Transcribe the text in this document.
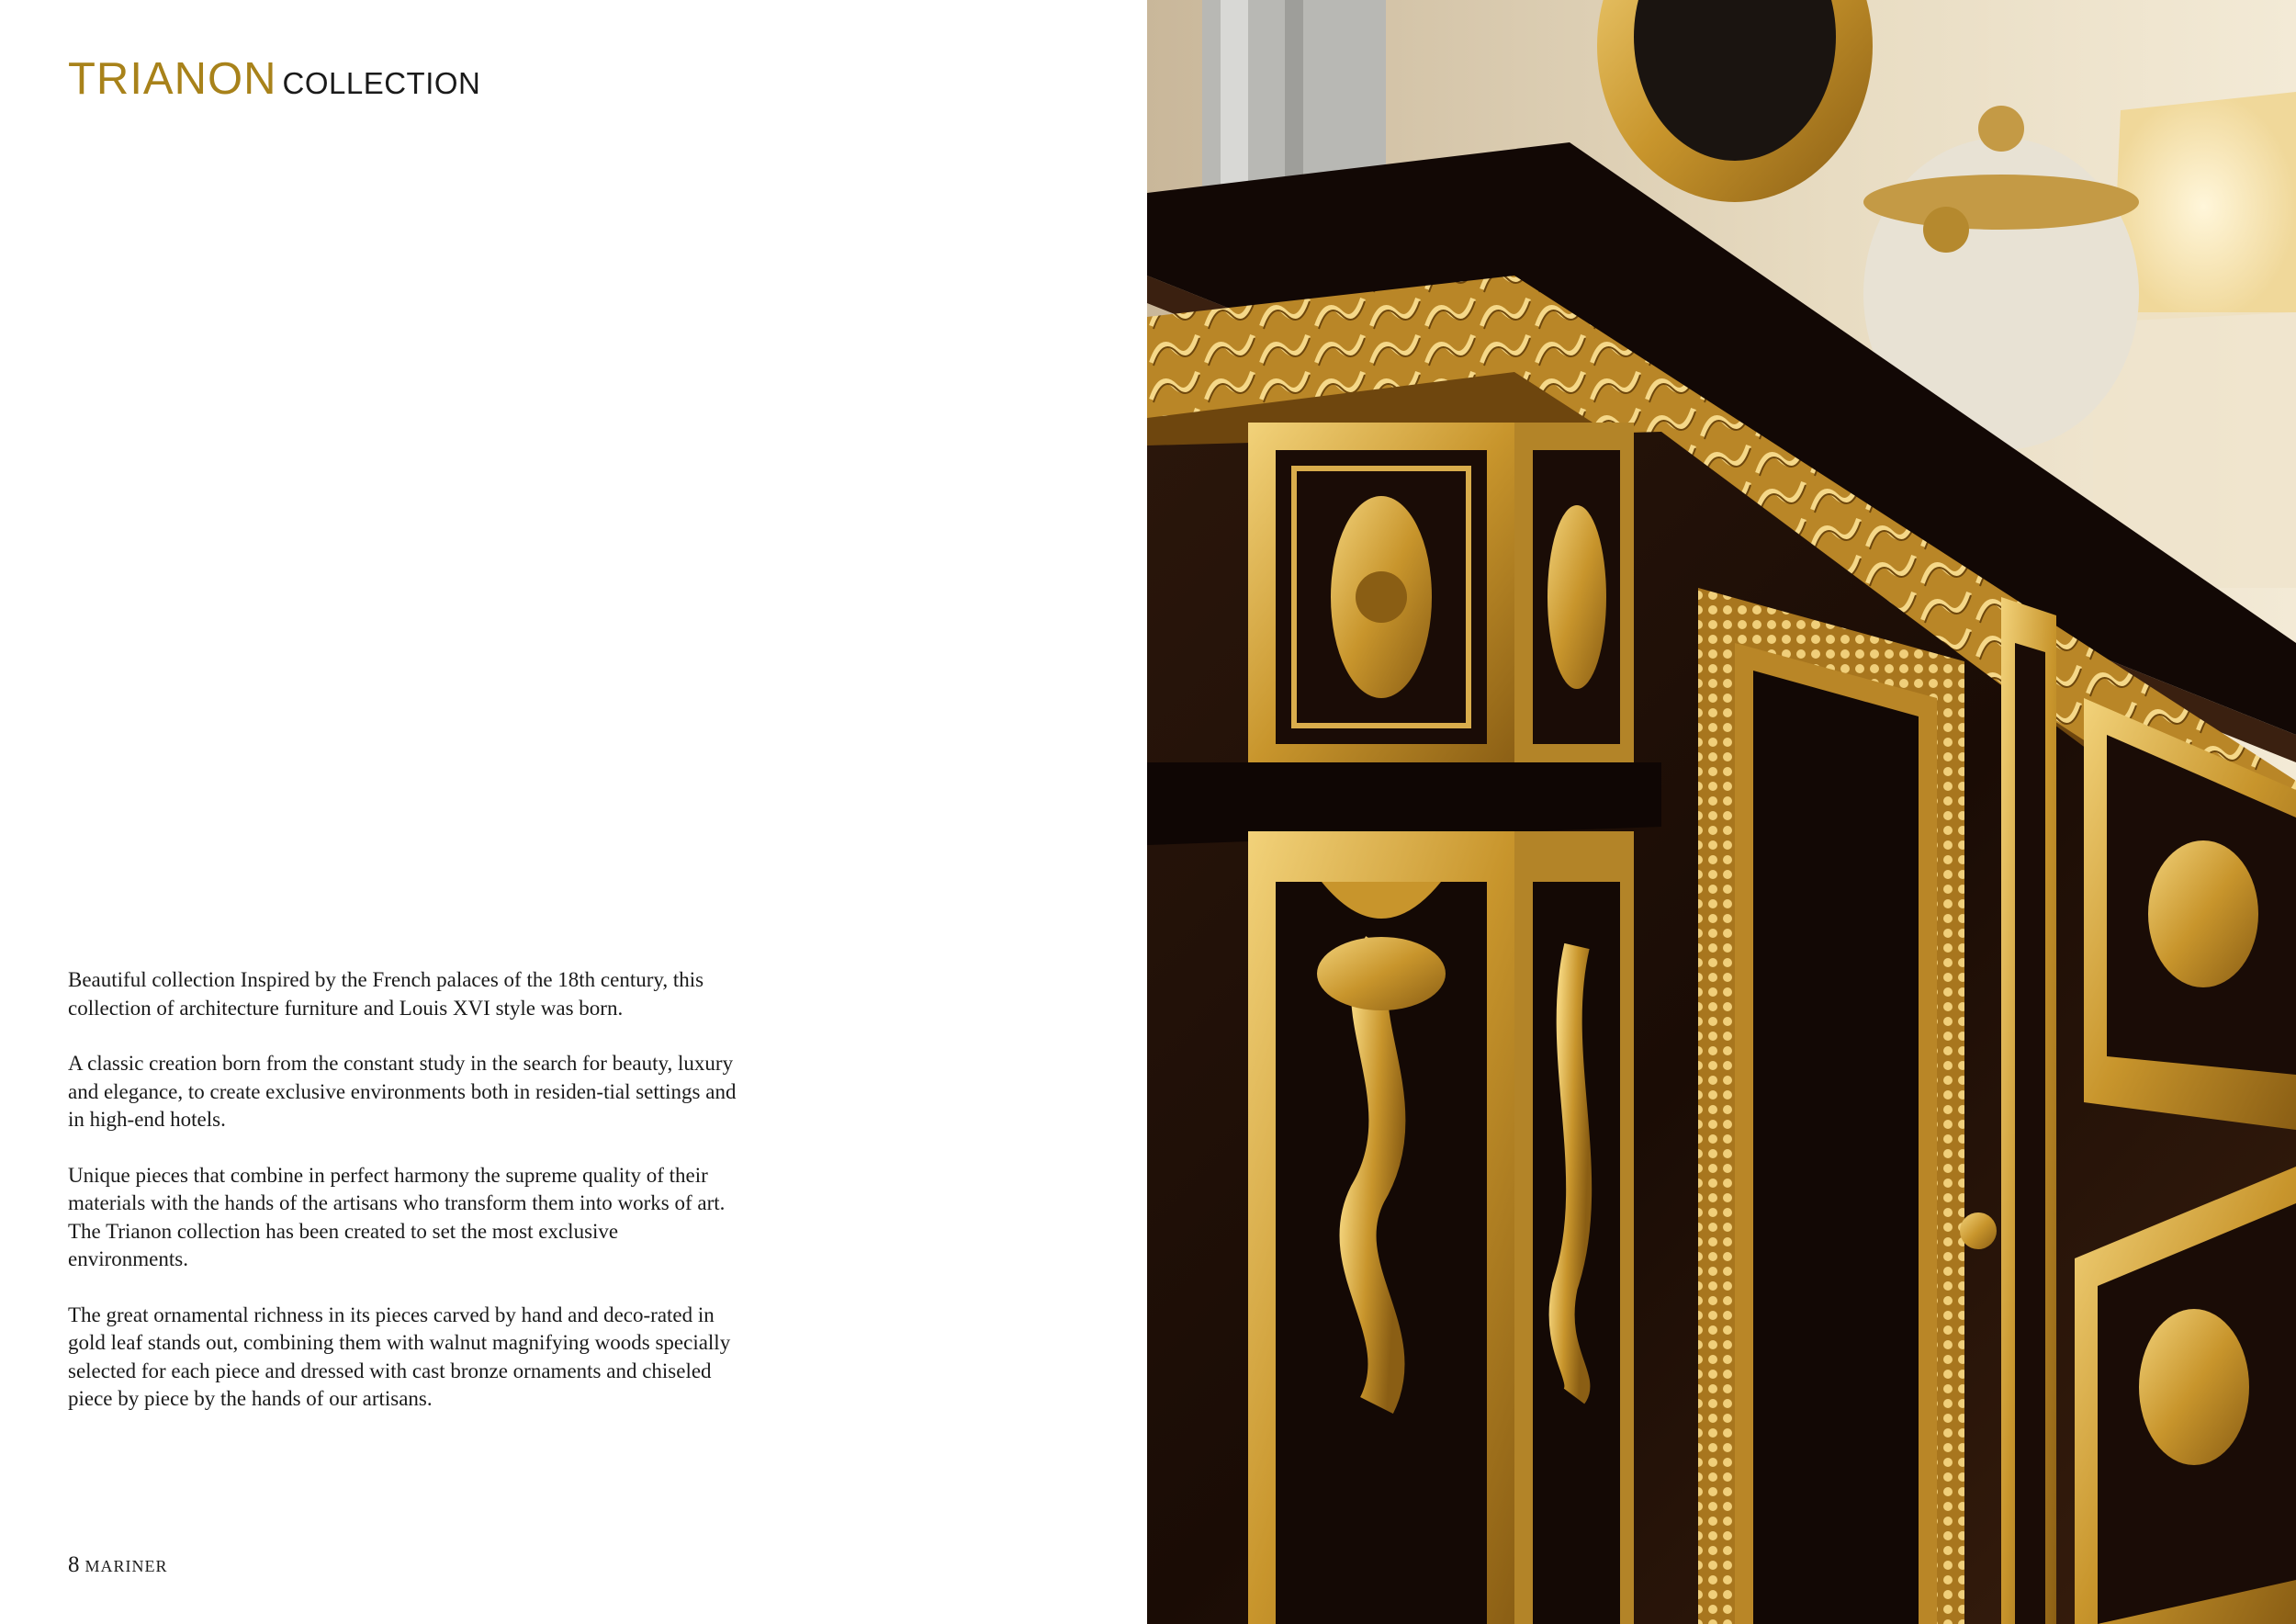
TRIANON COLLECTION

Beautiful collection Inspired by the French palaces of the 18th century, this collection of architecture furniture and Louis XVI style was born.

A classic creation born from the constant study in the search for beauty, luxury and elegance, to create exclusive environments both in residen-tial settings and in high-end hotels.

Unique pieces that combine in perfect harmony the supreme quality of their materials with the hands of the artisans who transform them into works of art. The Trianon collection has been created to set the most exclusive environments.

The great ornamental richness in its pieces carved by hand and deco-rated in gold leaf stands out, combining them with walnut magnifying woods specially selected for each piece and dressed with cast bronze ornaments and chiseled piece by piece by the hands of our artisans.

8 MARINER
